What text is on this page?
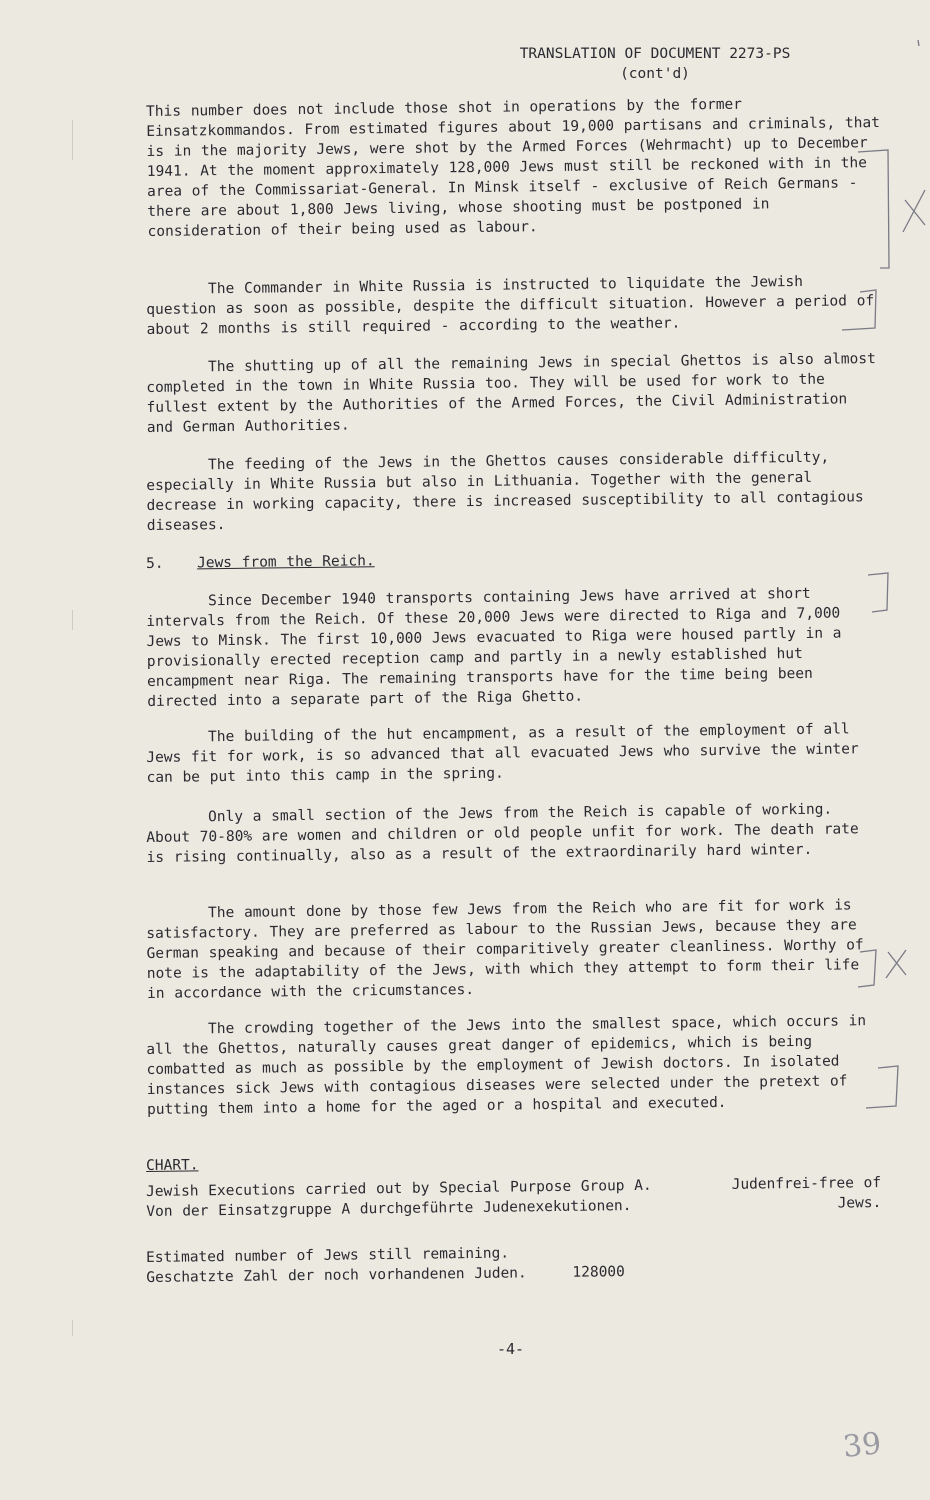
TRANSLATION OF DOCUMENT 2273-PS
(cont'd)

This number does not include those shot in operations by the former Einsatzkommandos. From estimated figures about 19,000 partisans and criminals, that is in the majority Jews, were shot by the Armed Forces (Wehrmacht) up to December 1941. At the moment approximately 128,000 Jews must still be reckoned with in the area of the Commissariat-General. In Minsk itself - exclusive of Reich Germans - there are about 1,800 Jews living, whose shooting must be postponed in consideration of their being used as labour.

The Commander in White Russia is instructed to liquidate the Jewish question as soon as possible, despite the difficult situation. However a period of about 2 months is still required - according to the weather.

The shutting up of all the remaining Jews in special Ghettos is also almost completed in the town in White Russia too. They will be used for work to the fullest extent by the Authorities of the Armed Forces, the Civil Administration and German Authorities.

The feeding of the Jews in the Ghettos causes considerable difficulty, especially in White Russia but also in Lithuania. Together with the general decrease in working capacity, there is increased susceptibility to all contagious diseases.

5. Jews from the Reich.

Since December 1940 transports containing Jews have arrived at short intervals from the Reich. Of these 20,000 Jews were directed to Riga and 7,000 Jews to Minsk. The first 10,000 Jews evacuated to Riga were housed partly in a provisionally erected reception camp and partly in a newly established hut encampment near Riga. The remaining transports have for the time being been directed into a separate part of the Riga Ghetto.

The building of the hut encampment, as a result of the employment of all Jews fit for work, is so advanced that all evacuated Jews who survive the winter can be put into this camp in the spring.

Only a small section of the Jews from the Reich is capable of working. About 70-80% are women and children or old people unfit for work. The death rate is rising continually, also as a result of the extraordinarily hard winter.

The amount done by those few Jews from the Reich who are fit for work is satisfactory. They are preferred as labour to the Russian Jews, because they are German speaking and because of their comparitively greater cleanliness. Worthy of note is the adaptability of the Jews, with which they attempt to form their life in accordance with the cricumstances.

The crowding together of the Jews into the smallest space, which occurs in all the Ghettos, naturally causes great danger of epidemics, which is being combatted as much as possible by the employment of Jewish doctors. In isolated instances sick Jews with contagious diseases were selected under the pretext of putting them into a home for the aged or a hospital and executed.

CHART.
Jewish Executions carried out by Special Purpose Group A.	Judenfrei-free of
Von der Einsatzgruppe A durchgeführte Judenexekutionen.	Jews.
Estimated number of Jews still remaining.
Geschatzte Zahl der noch vorhandenen Juden.	128000
-4-
39
